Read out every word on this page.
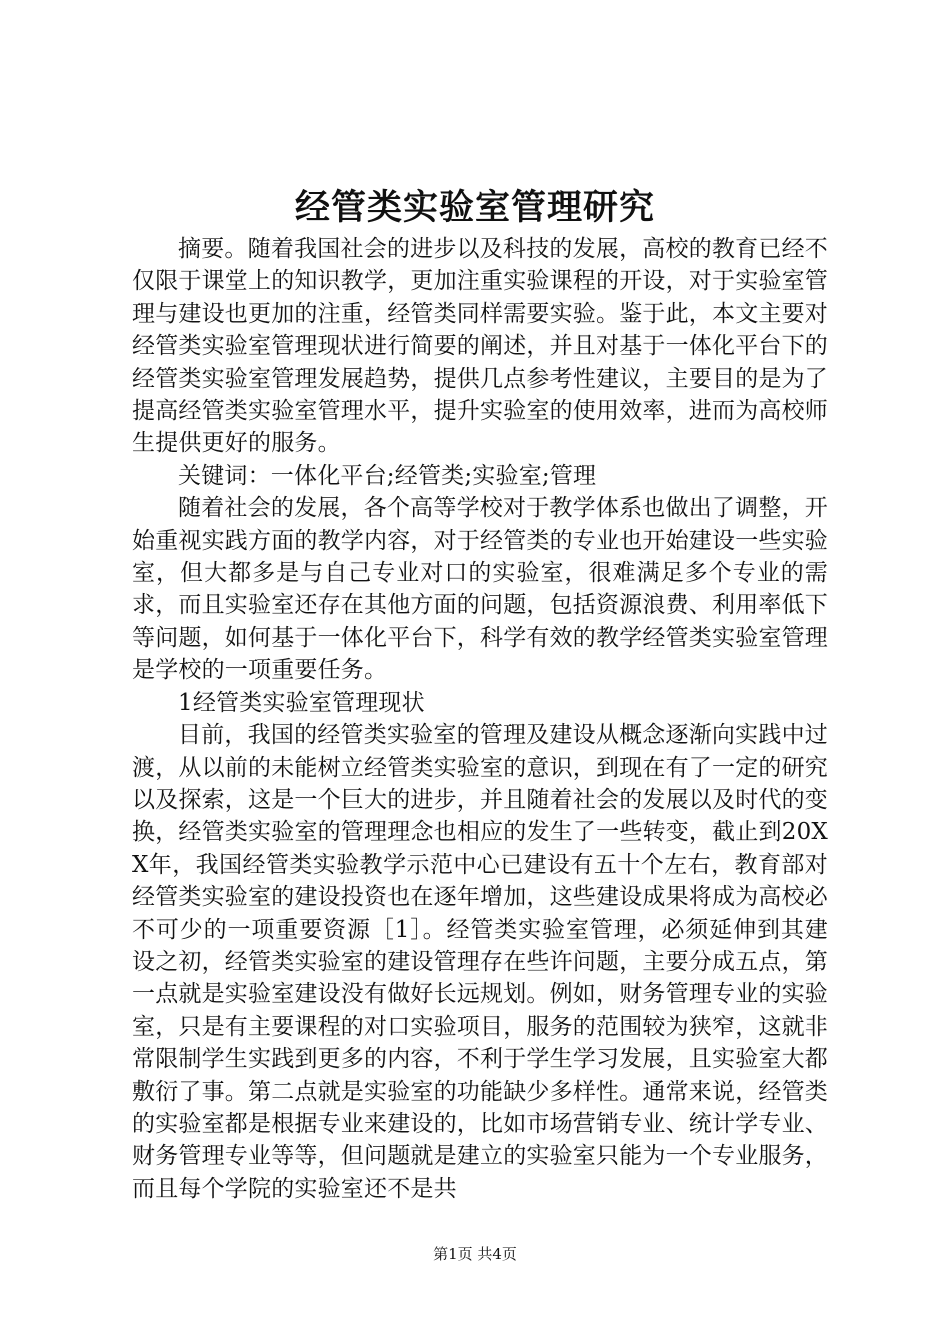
经管类实验室管理研究

摘要。随着我国社会的进步以及科技的发展，高校的教育已经不仅限于课堂上的知识教学，更加注重实验课程的开设，对于实验室管理与建设也更加的注重，经管类同样需要实验。鉴于此，本文主要对经管类实验室管理现状进行简要的阐述，并且对基于一体化平台下的经管类实验室管理发展趋势，提供几点参考性建议，主要目的是为了提高经管类实验室管理水平，提升实验室的使用效率，进而为高校师生提供更好的服务。

关键词：一体化平台;经管类;实验室;管理

随着社会的发展，各个高等学校对于教学体系也做出了调整，开始重视实践方面的教学内容，对于经管类的专业也开始建设一些实验室，但大都多是与自己专业对口的实验室，很难满足多个专业的需求，而且实验室还存在其他方面的问题，包括资源浪费、利用率低下等问题，如何基于一体化平台下，科学有效的教学经管类实验室管理是学校的一项重要任务。

1经管类实验室管理现状

目前，我国的经管类实验室的管理及建设从概念逐渐向实践中过渡，从以前的未能树立经管类实验室的意识，到现在有了一定的研究以及探索，这是一个巨大的进步，并且随着社会的发展以及时代的变换，经管类实验室的管理理念也相应的发生了一些转变，截止到20XX年，我国经管类实验教学示范中心已建设有五十个左右，教育部对经管类实验室的建设投资也在逐年增加，这些建设成果将成为高校必不可少的一项重要资源［1］。经管类实验室管理，必须延伸到其建设之初，经管类实验室的建设管理存在些许问题，主要分成五点，第一点就是实验室建设没有做好长远规划。例如，财务管理专业的实验室，只是有主要课程的对口实验项目，服务的范围较为狭窄，这就非常限制学生实践到更多的内容，不利于学生学习发展，且实验室大都敷衍了事。第二点就是实验室的功能缺少多样性。通常来说，经管类的实验室都是根据专业来建设的，比如市场营销专业、统计学专业、财务管理专业等等，但问题就是建立的实验室只能为一个专业服务，而且每个学院的实验室还不是共

第1页 共4页
